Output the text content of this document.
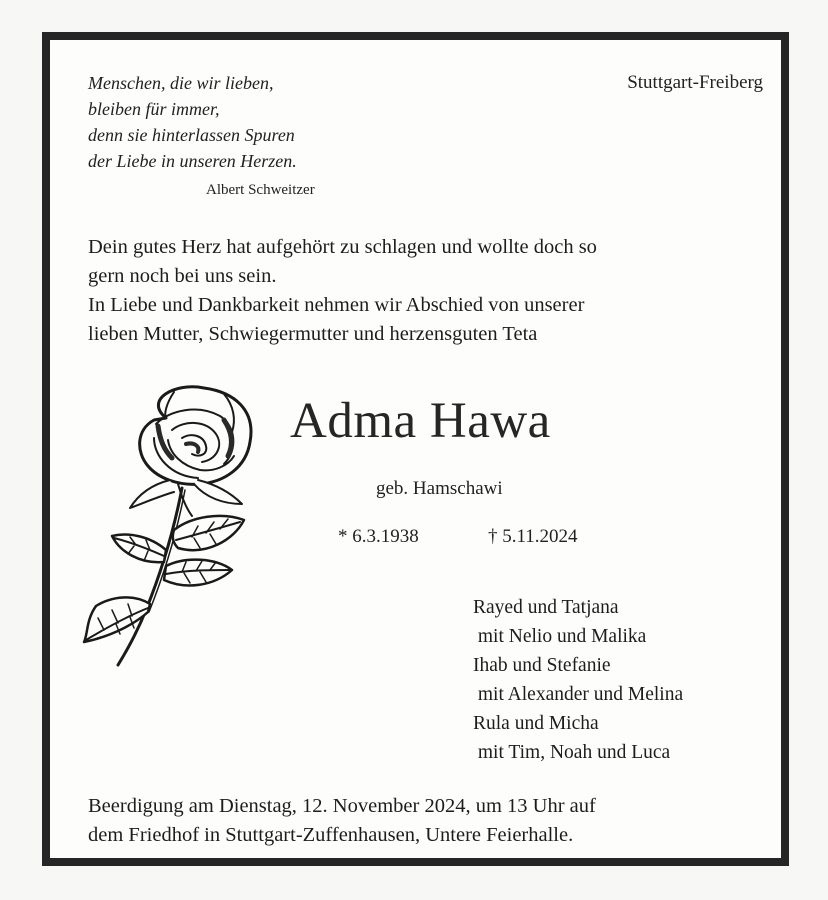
Menschen, die wir lieben,
bleiben für immer,
denn sie hinterlassen Spuren
der Liebe in unseren Herzen.
Albert Schweitzer
Stuttgart-Freiberg
Dein gutes Herz hat aufgehört zu schlagen und wollte doch so
gern noch bei uns sein.
In Liebe und Dankbarkeit nehmen wir Abschied von unserer
lieben Mutter, Schwiegermutter und herzensguten Teta
Adma Hawa
geb. Hamschawi
* 6.3.1938	† 5.11.2024
Rayed und Tatjana
mit Nelio und Malika
Ihab und Stefanie
mit Alexander und Melina
Rula und Micha
mit Tim, Noah und Luca
Beerdigung am Dienstag, 12. November 2024, um 13 Uhr auf
dem Friedhof in Stuttgart-Zuffenhausen, Untere Feierhalle.
